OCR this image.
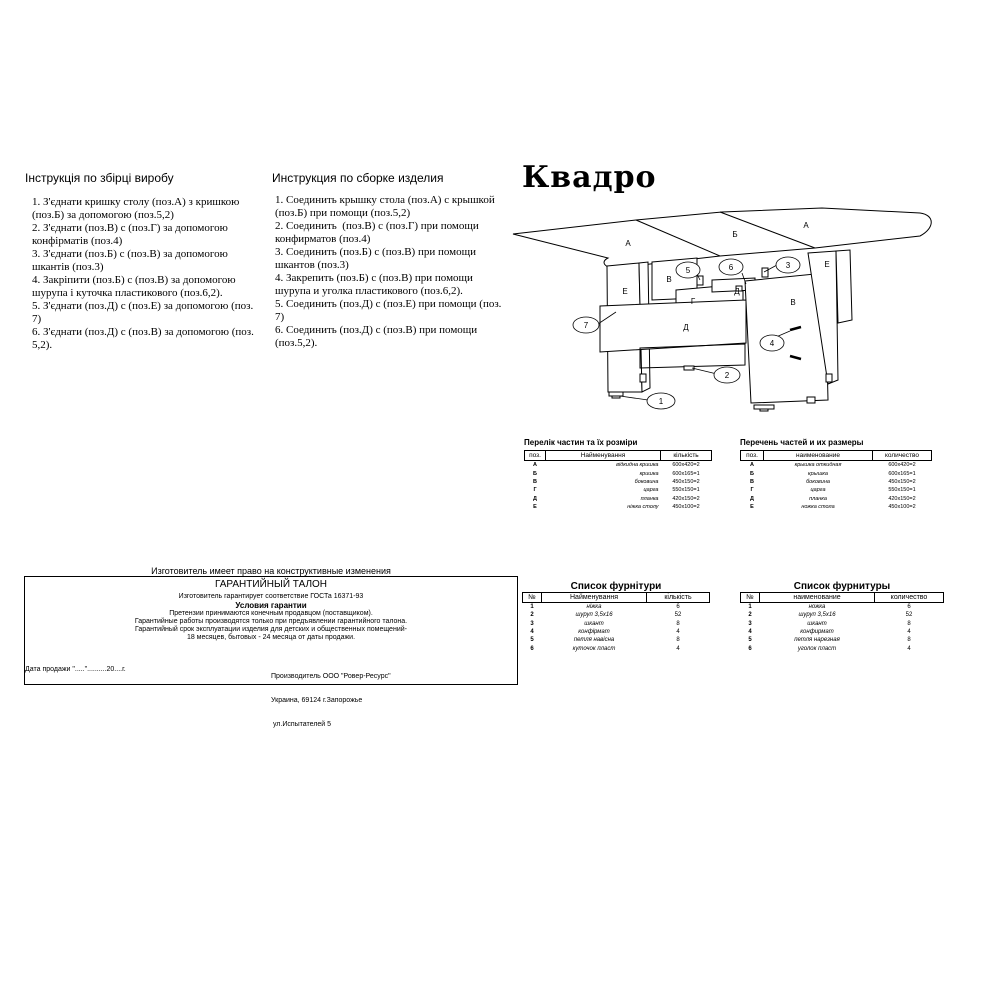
Інструкція по збірці виробу
1. З'єднати кришку столу (поз.А) з кришкою
(поз.Б) за допомогою (поз.5,2)
2. З'єднати (поз.В) с (поз.Г) за допомогою
конфірматів (поз.4)
3. З'єднати (поз.Б) с (поз.В) за допомогою
шкантів (поз.3)
4. Закріпити (поз.Б) с (поз.В) за допомогою
шурупа і куточка пластикового (поз.6,2).
5. З'єднати (поз.Д) с (поз.Е) за допомогою (поз.
7)
6. З'єднати (поз.Д) с (поз.В) за допомогою (поз.
5,2).
Инструкция по сборке изделия
1. Соединить крышку стола (поз.А) с крышкой
(поз.Б) при помощи (поз.5,2)
2. Соединить  (поз.В) с (поз.Г) при помощи
конфирматов (поз.4)
3. Соединить (поз.Б) с (поз.В) при помощи
шкантов (поз.3)
4. Закрепить (поз.Б) с (поз.В) при помощи
шурупа и уголка пластикового (поз.6,2).
5. Соединить (поз.Д) с (поз.Е) при помощи (поз.
7)
6. Соединить (поз.Д) с (поз.В) при помощи
(поз.5,2).
Квадро
1
2
3
4
5	6
7
А
Б
А
Е
В
Г
Д
Д
В
Е
Перелік частин та їх розміри
поз.	Найменування	кількість
А	відкидна кришка	600х420=2
Б	кришка	600х165=1
В	боковина	450х150=2
Г	царга	550х150=1
Д	планка	420х150=2
Е	ніжка столу	450х100=2
Перечень частей и их размеры
поз.	наименование	количество
А	крышка откидная	600х420=2
Б	крышка	600х165=1
В	боковина	450х150=2
Г	царга	550х150=1
Д	планка	420х150=2
Е	ножка стола	450х100=2
Изготовитель имеет право на конструктивные изменения
ГАРАНТИЙНЫЙ ТАЛОН
Изготовитель гарантирует соответствие ГОСТа 16371-93
Условия гарантии
Претензии принимаются конечным продавцом (поставщиком).
Гарантийные работы производятся только при предъявлении гарантийного талона.
Гарантийный срок эксплуатации изделия для детских и общественных помещений-
18 месяцев, бытовых - 24 месяца от даты продажи.
Дата продажи "....."..........20....г.

Производитель ООО "Ровер-Ресурс"

Украина, 69124 г.Запорожье

ул.Испытателей 5

Список фурнітури
№	Найменування	кількість
1	ніжка	6
2	шуруп 3,5х16	52
3	шкант	8
4	конфірмат	4
5	петля навісна	8
6	куточок пласт	4
Список фурнитуры
№	наименование	количество
1	ножка	6
2	шуруп 3,5х16	52
3	шкант	8
4	конфирмат	4
5	петля нарезная	8
6	уголок пласт	4
